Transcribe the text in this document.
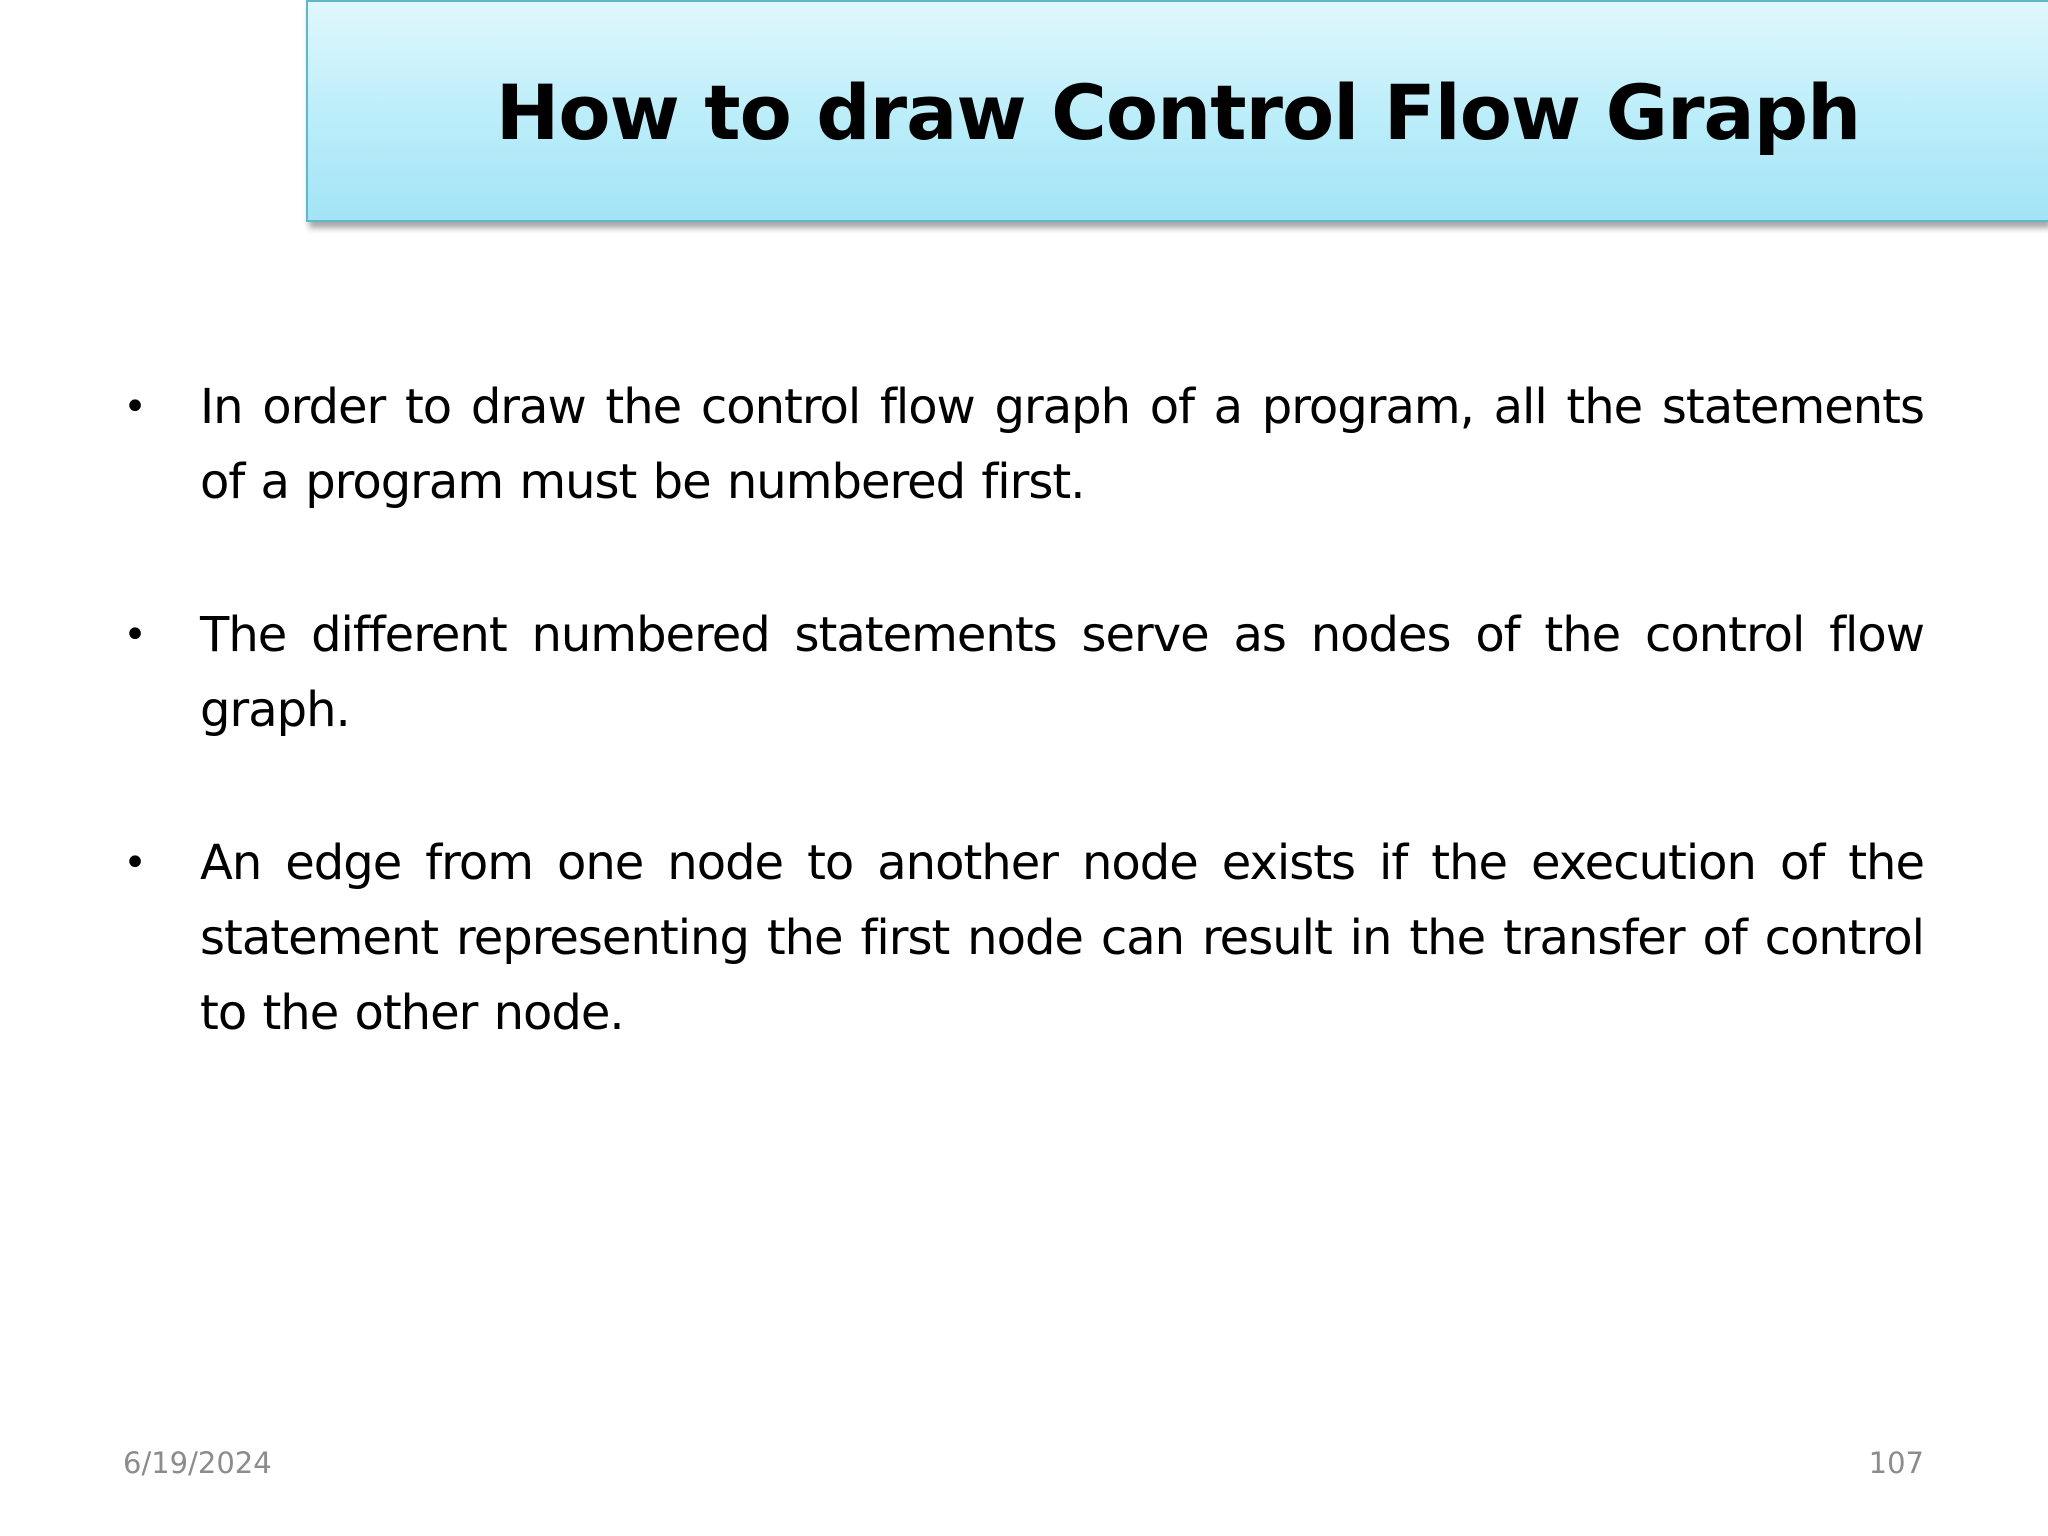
How to draw Control Flow Graph
• In order to draw the control flow graph of a program, all the statements of a program must be numbered first.
• The different numbered statements serve as nodes of the control flow graph.
• An edge from one node to another node exists if the execution of the statement representing the first node can result in the transfer of control to the other node.
6/19/2024	107
